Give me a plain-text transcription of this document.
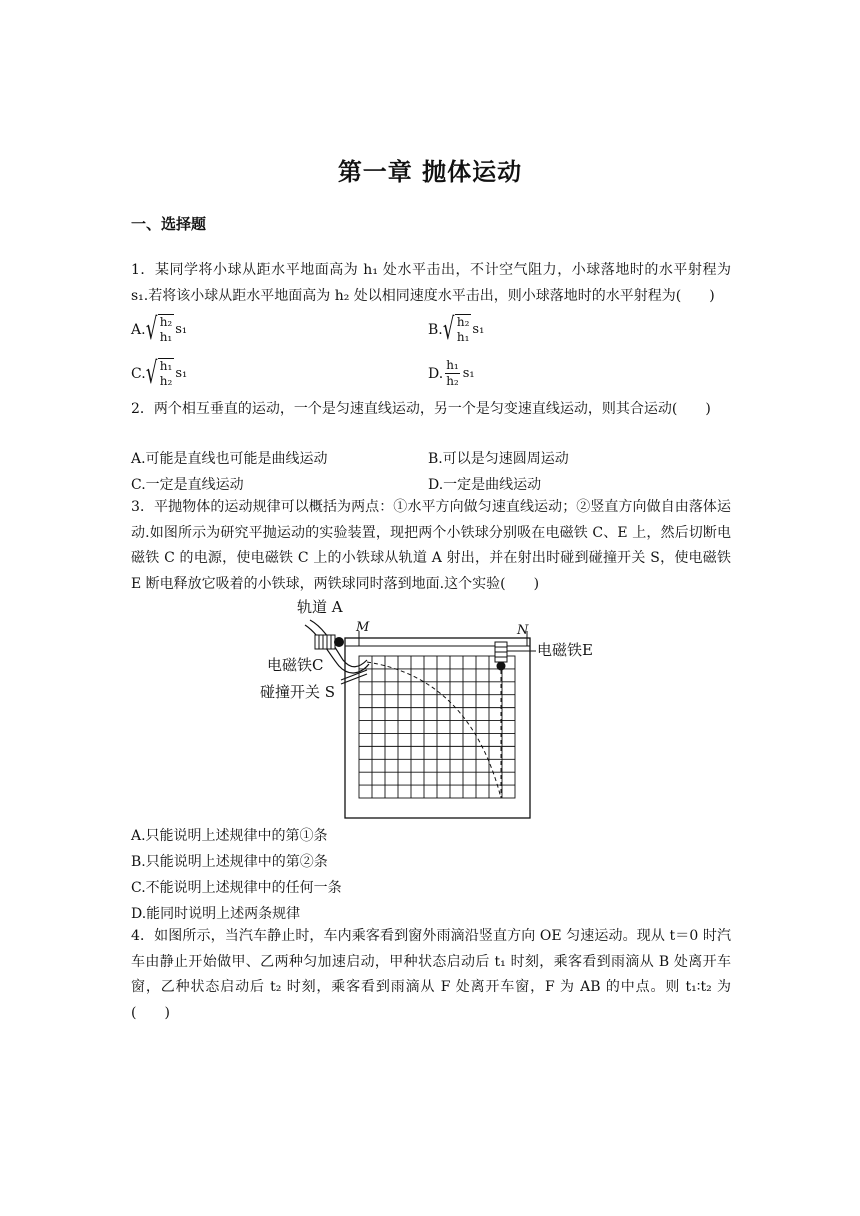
第一章 抛体运动
一、选择题
1．某同学将小球从距水平地面高为 h₁ 处水平击出，不计空气阻力，小球落地时的水平射程为 s₁.若将该小球从距水平地面高为 h₂ 处以相同速度水平击出，则小球落地时的水平射程为(　　)
A. √ h₂
h₁ s₁	B. √ h₂
h₁ s₁
C. √ h₁
h₂ s₁	D. $\frac{\text{h₁}}{\text{h₂}} s_1$
2．两个相互垂直的运动，一个是匀速直线运动，另一个是匀变速直线运动，则其合运动(　　)
A.可能是直线也可能是曲线运动	B.可以是匀速圆周运动
C.一定是直线运动	D.一定是曲线运动
3．平抛物体的运动规律可以概括为两点：①水平方向做匀速直线运动；②竖直方向做自由落体运动.如图所示为研究平抛运动的实验装置，现把两个小铁球分别吸在电磁铁 C、E 上，然后切断电磁铁 C 的电源，使电磁铁 C 上的小铁球从轨道 A 射出，并在射出时碰到碰撞开关 S，使电磁铁 E 断电释放它吸着的小铁球，两铁球同时落到地面.这个实验(　　)
M	N
轨道 A
电磁铁C
碰撞开关 S
电磁铁E
A.只能说明上述规律中的第①条
B.只能说明上述规律中的第②条
C.不能说明上述规律中的任何一条
D.能同时说明上述两条规律
4．如图所示，当汽车静止时，车内乘客看到窗外雨滴沿竖直方向 OE 匀速运动。现从 t＝0 时汽车由静止开始做甲、乙两种匀加速启动，甲种状态启动后 t₁ 时刻，乘客看到雨滴从 B 处离开车窗，乙种状态启动后 t₂ 时刻，乘客看到雨滴从 F 处离开车窗，F 为 AB 的中点。则 t₁∶t₂ 为(　　)
